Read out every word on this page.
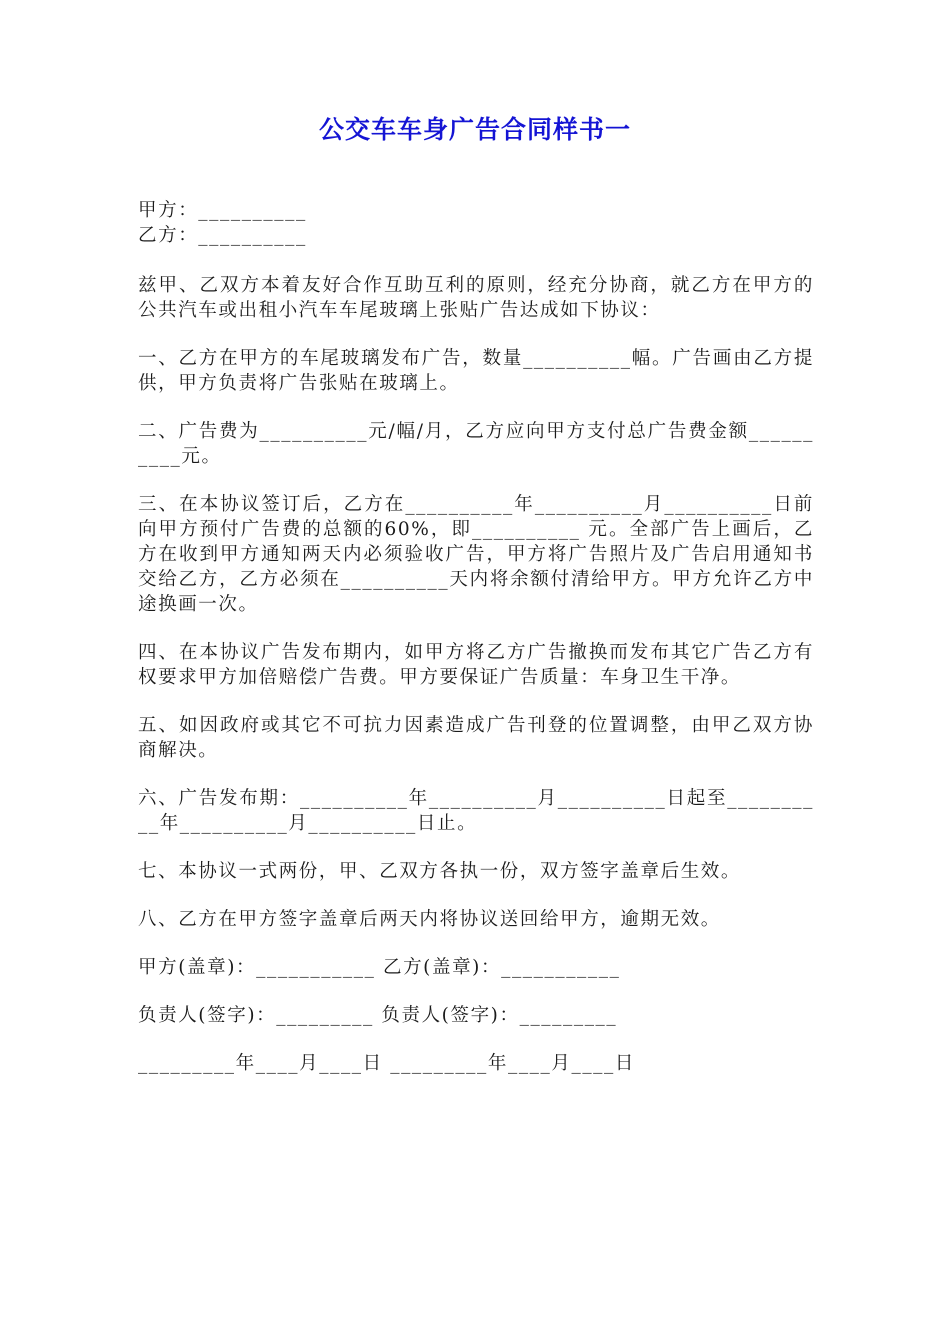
公交车车身广告合同样书一

甲方：__________

乙方：__________

兹甲、乙双方本着友好合作互助互利的原则，经充分协商，就乙方在甲方的公共汽车或出租小汽车车尾玻璃上张贴广告达成如下协议：

一、乙方在甲方的车尾玻璃发布广告，数量__________幅。广告画由乙方提供，甲方负责将广告张贴在玻璃上。

二、广告费为__________元/幅/月，乙方应向甲方支付总广告费金额__________元。

三、在本协议签订后，乙方在__________年__________月__________日前向甲方预付广告费的总额的60%，即__________ 元。全部广告上画后，乙方在收到甲方通知两天内必须验收广告，甲方将广告照片及广告启用通知书交给乙方，乙方必须在__________天内将余额付清给甲方。甲方允许乙方中途换画一次。

四、在本协议广告发布期内，如甲方将乙方广告撤换而发布其它广告乙方有权要求甲方加倍赔偿广告费。甲方要保证广告质量：车身卫生干净。

五、如因政府或其它不可抗力因素造成广告刊登的位置调整，由甲乙双方协商解决。

六、广告发布期：__________年__________月__________日起至__________年__________月__________日止。

七、本协议一式两份，甲、乙双方各执一份，双方签字盖章后生效。

八、乙方在甲方签字盖章后两天内将协议送回给甲方，逾期无效。

甲方(盖章)：___________ 乙方(盖章)：___________

负责人(签字)：_________ 负责人(签字)：_________

_________年____月____日 _________年____月____日
